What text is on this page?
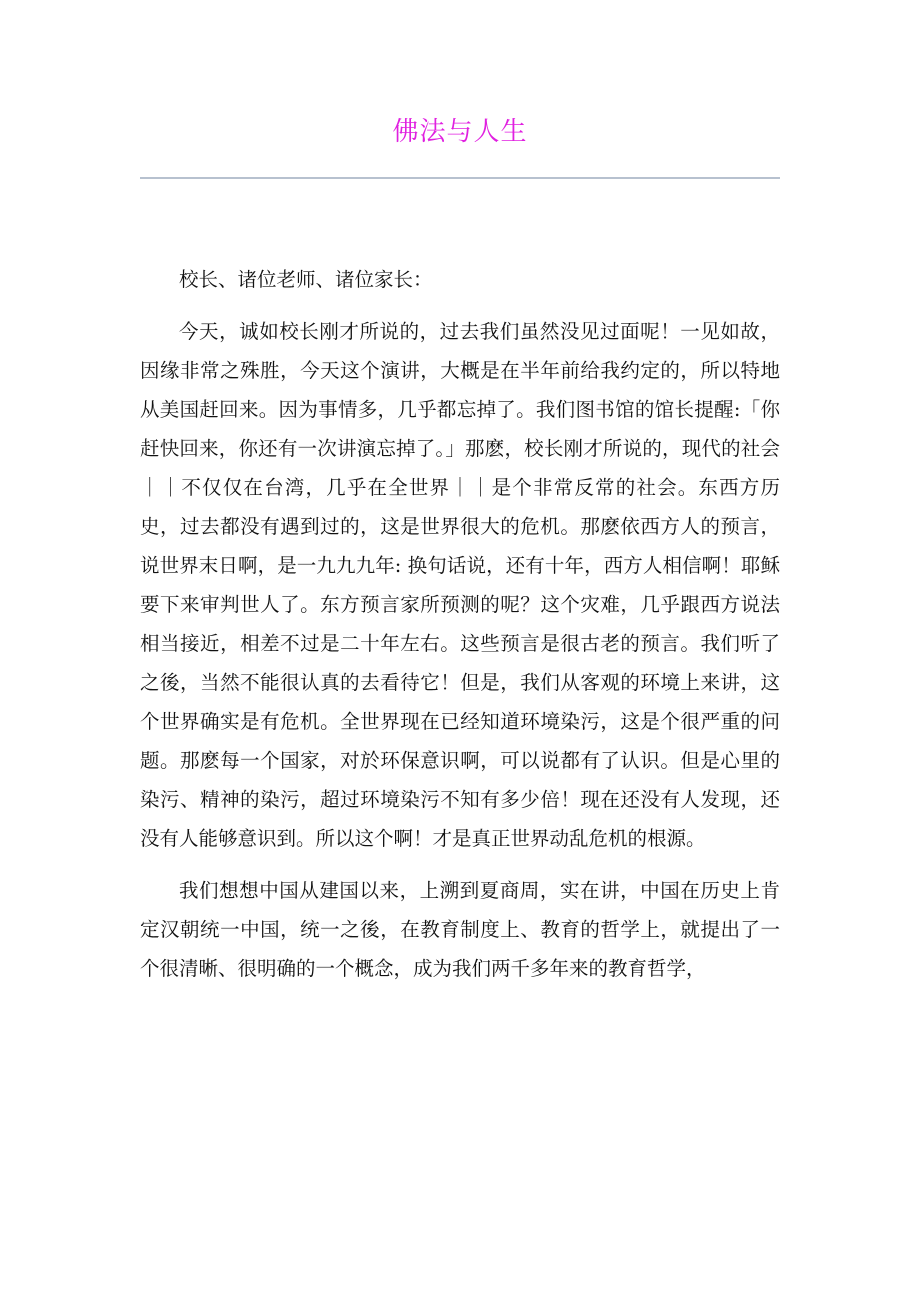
佛法与人生

校长、诸位老师、诸位家长：

今天，诚如校长刚才所说的，过去我们虽然没见过面呢！一见如故，因缘非常之殊胜，今天这个演讲，大概是在半年前给我约定的，所以特地从美国赶回来。因为事情多，几乎都忘掉了。我们图书馆的馆长提醒:「你赶快回来，你还有一次讲演忘掉了。」那麽，校长刚才所说的，现代的社会｜｜不仅仅在台湾，几乎在全世界｜｜是个非常反常的社会。东西方历史，过去都没有遇到过的，这是世界很大的危机。那麽依西方人的预言，说世界末日啊，是一九九九年: 换句话说，还有十年，西方人相信啊！耶稣要下来审判世人了。东方预言家所预测的呢？这个灾难，几乎跟西方说法相当接近，相差不过是二十年左右。这些预言是很古老的预言。我们听了之後，当然不能很认真的去看待它！但是，我们从客观的环境上来讲，这个世界确实是有危机。全世界现在已经知道环境染污，这是个很严重的问题。那麽每一个国家，对於环保意识啊，可以说都有了认识。但是心里的染污、精神的染污，超过环境染污不知有多少倍！现在还没有人发现，还没有人能够意识到。所以这个啊！才是真正世界动乱危机的根源。

我们想想中国从建国以来，上溯到夏商周，实在讲，中国在历史上肯定汉朝统一中国，统一之後，在教育制度上、教育的哲学上，就提出了一个很清晰、很明确的一个概念，成为我们两千多年来的教育哲学，
